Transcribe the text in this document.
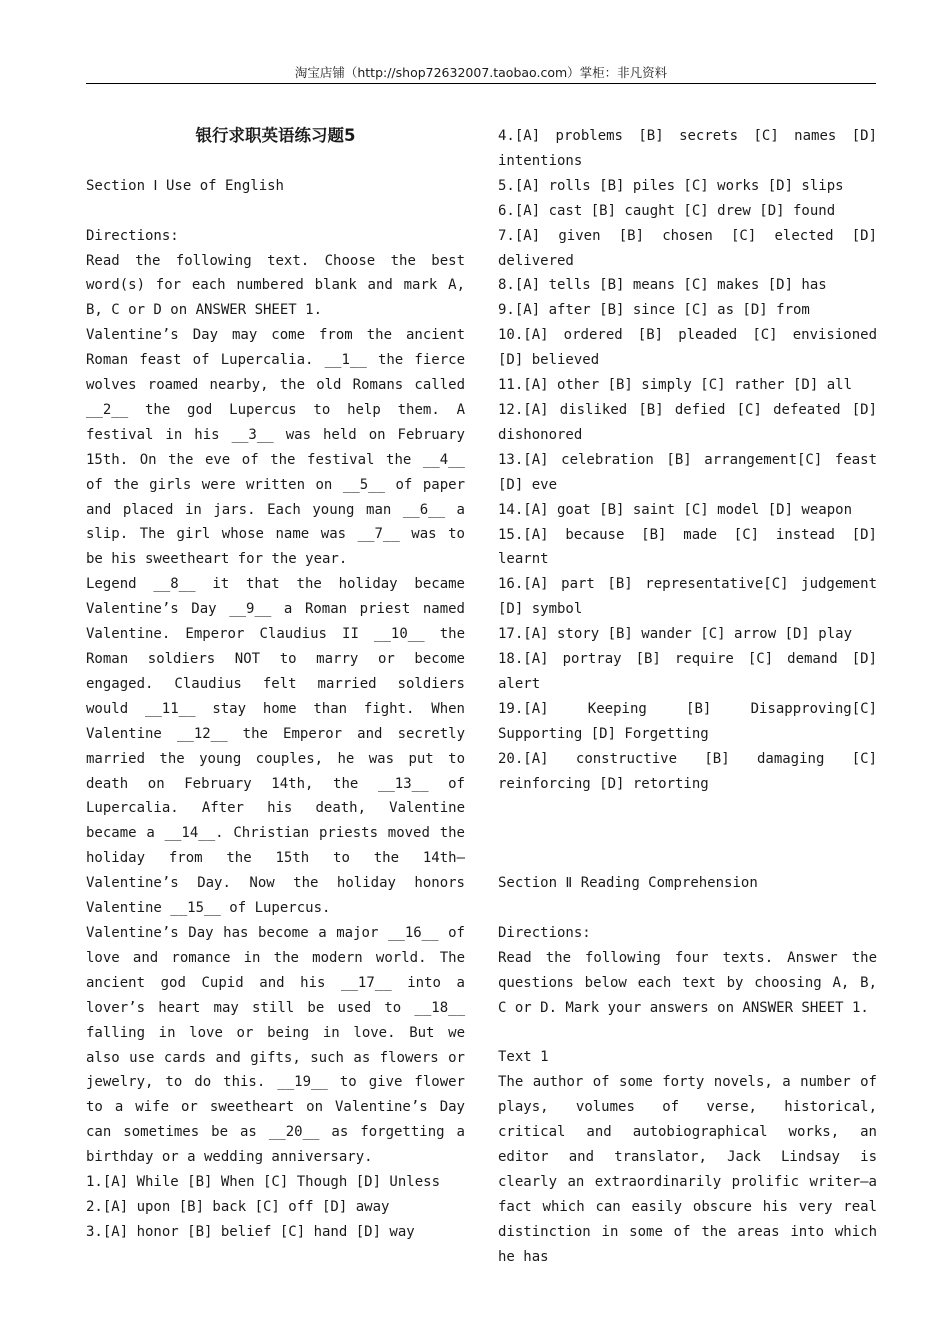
淘宝店铺（http://shop72632007.taobao.com）掌柜：非凡资料

银行求职英语练习题5

Section Ⅰ Use of English

Directions:

Read the following text. Choose the best word(s) for each numbered blank and mark A, B, C or D on ANSWER SHEET 1.

Valentine’s Day may come from the ancient Roman feast of Lupercalia. __1__ the fierce wolves roamed nearby, the old Romans called __2__ the god Lupercus to help them. A festival in his __3__ was held on February 15th. On the eve of the festival the __4__ of the girls were written on __5__ of paper and placed in jars. Each young man __6__ a slip. The girl whose name was __7__ was to be his sweetheart for the year.

Legend __8__ it that the holiday became Valentine’s Day __9__ a Roman priest named Valentine. Emperor Claudius II __10__ the Roman soldiers NOT to marry or become engaged. Claudius felt married soldiers would __11__ stay home than fight. When Valentine __12__ the Emperor and secretly married the young couples, he was put to death on February 14th, the __13__ of Lupercalia. After his death, Valentine became a __14__. Christian priests moved the holiday from the 15th to the 14th—Valentine’s Day. Now the holiday honors Valentine __15__ of Lupercus.

Valentine’s Day has become a major __16__ of love and romance in the modern world. The ancient god Cupid and his __17__ into a lover’s heart may still be used to __18__ falling in love or being in love. But we also use cards and gifts, such as flowers or jewelry, to do this. __19__ to give flower to a wife or sweetheart on Valentine’s Day can sometimes be as __20__ as forgetting a birthday or a wedding anniversary.

1.[A] While [B] When [C] Though [D] Unless

2.[A] upon [B] back [C] off [D] away

3.[A] honor [B] belief [C] hand [D] way

4.[A] problems [B] secrets [C] names [D] intentions

5.[A] rolls [B] piles [C] works [D] slips

6.[A] cast [B] caught [C] drew [D] found

7.[A] given [B] chosen [C] elected [D] delivered

8.[A] tells [B] means [C] makes [D] has

9.[A] after [B] since [C] as [D] from

10.[A] ordered [B] pleaded [C] envisioned [D] believed

11.[A] other [B] simply [C] rather [D] all

12.[A] disliked [B] defied [C] defeated [D] dishonored

13.[A] celebration [B] arrangement[C] feast [D] eve

14.[A] goat [B] saint [C] model [D] weapon

15.[A] because [B] made [C] instead [D] learnt

16.[A] part [B] representative[C] judgement [D] symbol

17.[A] story [B] wander [C] arrow [D] play

18.[A] portray [B] require [C] demand [D] alert

19.[A] Keeping [B] Disapproving[C] Supporting [D] Forgetting

20.[A] constructive [B] damaging [C] reinforcing [D] retorting

Section Ⅱ Reading Comprehension

Directions:

Read the following four texts. Answer the questions below each text by choosing A, B, C or D. Mark your answers on ANSWER SHEET 1.

Text 1

The author of some forty novels, a number of plays, volumes of verse, historical, critical and autobiographical works, an editor and translator, Jack Lindsay is clearly an extraordinarily prolific writer—a fact which can easily obscure his very real distinction in some of the areas into which he has
